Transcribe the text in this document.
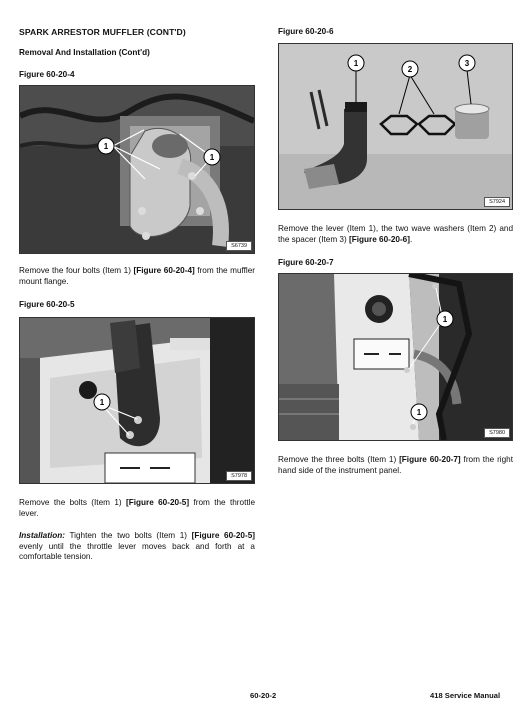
SPARK ARRESTOR MUFFLER (CONT'D)

Removal And Installation (Cont'd)

Figure 60-20-4

1
1
S6739

Remove the four bolts (Item 1) [Figure 60-20-4] from the muffler mount flange.

Figure 60-20-5

1
S7978

Remove the bolts (Item 1) [Figure 60-20-5] from the throttle lever.

Installation: Tighten the two bolts (Item 1) [Figure 60-20-5] evenly until the throttle lever moves back and forth at a comfortable tension.

Figure 60-20-6

1
2
3
S7924

Remove the lever (Item 1), the two wave washers (Item 2) and the spacer (Item 3) [Figure 60-20-6].

Figure 60-20-7

1
1
S7980

Remove the three bolts (Item 1) [Figure 60-20-7] from the right hand side of the instrument panel.

60-20-2	418 Service Manual
